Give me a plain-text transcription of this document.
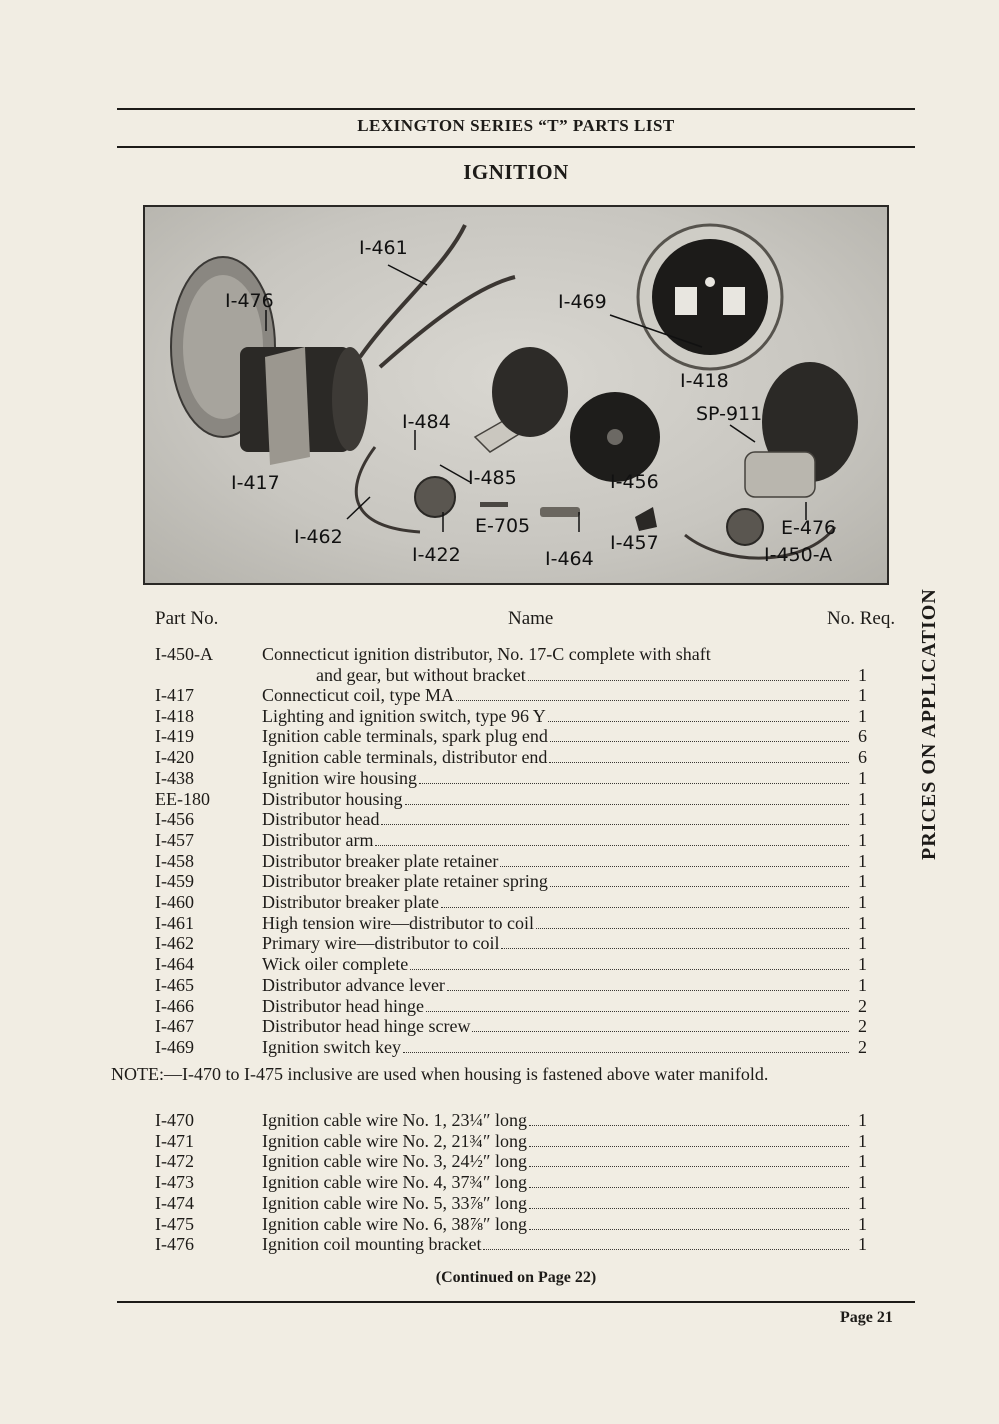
LEXINGTON SERIES “T” PARTS LIST
IGNITION
I-461
I-476	I-469
I-418
I-484	SP-911
I-417	I-485	I-456
I-462	E-705
I-457
E-476
I-422	I-464	I-450-A
PRICES ON APPLICATION
Part No.	Name	No. Req.
I-450-A	Connecticut ignition distributor, No. 17-C complete with shaft
and gear, but without bracket	1
I-417	Connecticut coil, type MA	1
I-418	Lighting and ignition switch, type 96 Y	1
I-419	Ignition cable terminals, spark plug end	6
I-420	Ignition cable terminals, distributor end	6
I-438	Ignition wire housing	1
EE-180	Distributor housing	1
I-456	Distributor head	1
I-457	Distributor arm	1
I-458	Distributor breaker plate retainer	1
I-459	Distributor breaker plate retainer spring	1
I-460	Distributor breaker plate	1
I-461	High tension wire—distributor to coil	1
I-462	Primary wire—distributor to coil	1
I-464	Wick oiler complete	1
I-465	Distributor advance lever	1
I-466	Distributor head hinge	2
I-467	Distributor head hinge screw	2
I-469	Ignition switch key	2
NOTE:—I-470 to I-475 inclusive are used when housing is fastened above water manifold.
I-470	Ignition cable wire No. 1, 23¼″ long	1
I-471	Ignition cable wire No. 2, 21¾″ long	1
I-472	Ignition cable wire No. 3, 24½″ long	1
I-473	Ignition cable wire No. 4, 37¾″ long	1
I-474	Ignition cable wire No. 5, 33⅞″ long	1
I-475	Ignition cable wire No. 6, 38⅞″ long	1
I-476	Ignition coil mounting bracket	1
(Continued on Page 22)
Page 21
